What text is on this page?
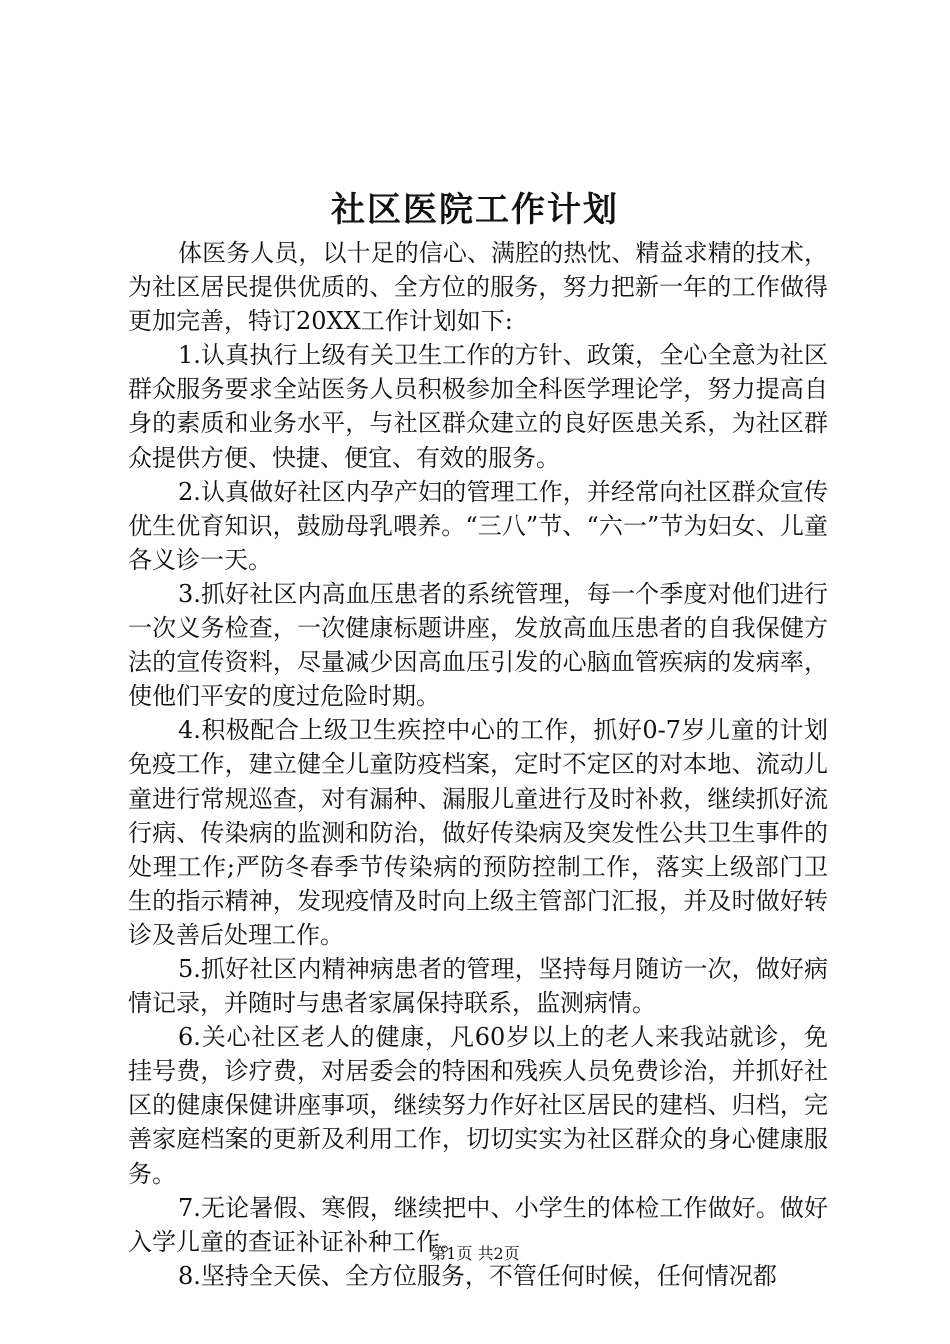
社区医院工作计划

体医务人员，以十足的信心、满腔的热忱、精益求精的技术，为社区居民提供优质的、全方位的服务，努力把新一年的工作做得更加完善，特订20XX工作计划如下:

1.认真执行上级有关卫生工作的方针、政策，全心全意为社区群众服务要求全站医务人员积极参加全科医学理论学，努力提高自身的素质和业务水平，与社区群众建立的良好医患关系，为社区群众提供方便、快捷、便宜、有效的服务。

2.认真做好社区内孕产妇的管理工作，并经常向社区群众宣传优生优育知识，鼓励母乳喂养。“三八”节、“六一”节为妇女、儿童各义诊一天。

3.抓好社区内高血压患者的系统管理，每一个季度对他们进行一次义务检查，一次健康标题讲座，发放高血压患者的自我保健方法的宣传资料，尽量减少因高血压引发的心脑血管疾病的发病率，使他们平安的度过危险时期。

4.积极配合上级卫生疾控中心的工作，抓好0-7岁儿童的计划免疫工作，建立健全儿童防疫档案，定时不定区的对本地、流动儿童进行常规巡查，对有漏种、漏服儿童进行及时补救，继续抓好流行病、传染病的监测和防治，做好传染病及突发性公共卫生事件的处理工作;严防冬春季节传染病的预防控制工作，落实上级部门卫生的指示精神，发现疫情及时向上级主管部门汇报，并及时做好转诊及善后处理工作。

5.抓好社区内精神病患者的管理，坚持每月随访一次，做好病情记录，并随时与患者家属保持联系，监测病情。

6.关心社区老人的健康，凡60岁以上的老人来我站就诊，免挂号费，诊疗费，对居委会的特困和残疾人员免费诊治，并抓好社区的健康保健讲座事项，继续努力作好社区居民的建档、归档，完善家庭档案的更新及利用工作，切切实实为社区群众的身心健康服务。

7.无论暑假、寒假，继续把中、小学生的体检工作做好。做好入学儿童的查证补证补种工作。

8.坚持全天侯、全方位服务，不管任何时候，任何情况都

第1页 共2页
